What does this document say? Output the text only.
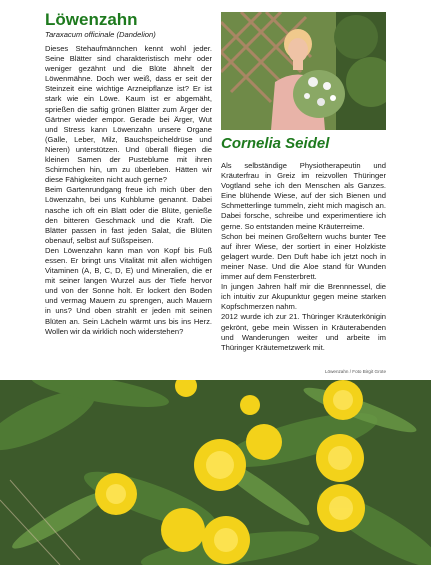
Löwenzahn
Taraxacum officinale (Dandelion)

Dieses Stehaufmännchen kennt wohl jeder. Seine Blätter sind charakteristisch mehr oder weniger gezähnt und die Blüte ähnelt der Löwenmähne. Doch wer weiß, dass er seit der Steinzeit eine wichtige Arzneipflanze ist? Er ist stark wie ein Löwe. Kaum ist er abgemäht, sprießen die saftig grünen Blätter zum Ärger der Gärtner wieder empor. Gerade bei Ärger, Wut und Stress kann Löwenzahn unsere Organe (Galle, Leber, Milz, Bauchspeicheldrüse und Nieren) unterstützen. Und überall fliegen die kleinen Samen der Pusteblume mit ihren Schirmchen hin, um zu überleben. Hätten wir diese Fähigkeiten nicht auch gerne?

Beim Gartenrundgang freue ich mich über den Löwenzahn, bei uns Kuhblume genannt. Dabei nasche ich oft ein Blatt oder die Blüte, genieße den bitteren Geschmack und die Kraft. Die Blätter passen in fast jeden Salat, die Blüten obenauf, selbst auf Süßspeisen.

Den Löwenzahn kann man von Kopf bis Fuß essen. Er bringt uns Vitalität mit allen wichtigen Vitaminen (A, B, C, D, E) und Mineralien, die er mit seiner langen Wurzel aus der Tiefe hervor und von der Sonne holt. Er lockert den Boden und vermag Mauern zu sprengen, auch Mauern in uns? Und oben strahlt er jeden mit seinen Blüten an. Sein Lächeln wärmt uns bis ins Herz. Wollen wir da wirklich noch widerstehen?

Cornelia Seidel

Als selbständige Physiotherapeutin und Kräuterfrau in Greiz im reizvollen Thüringer Vogtland sehe ich den Menschen als Ganzes. Eine blühende Wiese, auf der sich Bienen und Schmetterlinge tummeln, zieht mich magisch an. Dabei forsche, schreibe und experimentiere ich gerne. So entstanden meine Kräuterreime.

Schon bei meinen Großeltern wuchs bunter Tee auf ihrer Wiese, der sortiert in einer Holzkiste gelagert wurde. Den Duft habe ich jetzt noch in meiner Nase. Und die Aloe stand für Wunden immer auf dem Fensterbrett.

In jungen Jahren half mir die Brennnessel, die ich intuitiv zur Akupunktur gegen meine starken Kopfschmerzen nahm.

2012 wurde ich zur 21. Thüringer Kräuterkönigin gekrönt, gebe mein Wissen in Kräuterabenden und Wanderungen weiter und arbeite im Thüringer Kräutemetzwerk mit.

Löwenzahn / Foto Birgit Grote
